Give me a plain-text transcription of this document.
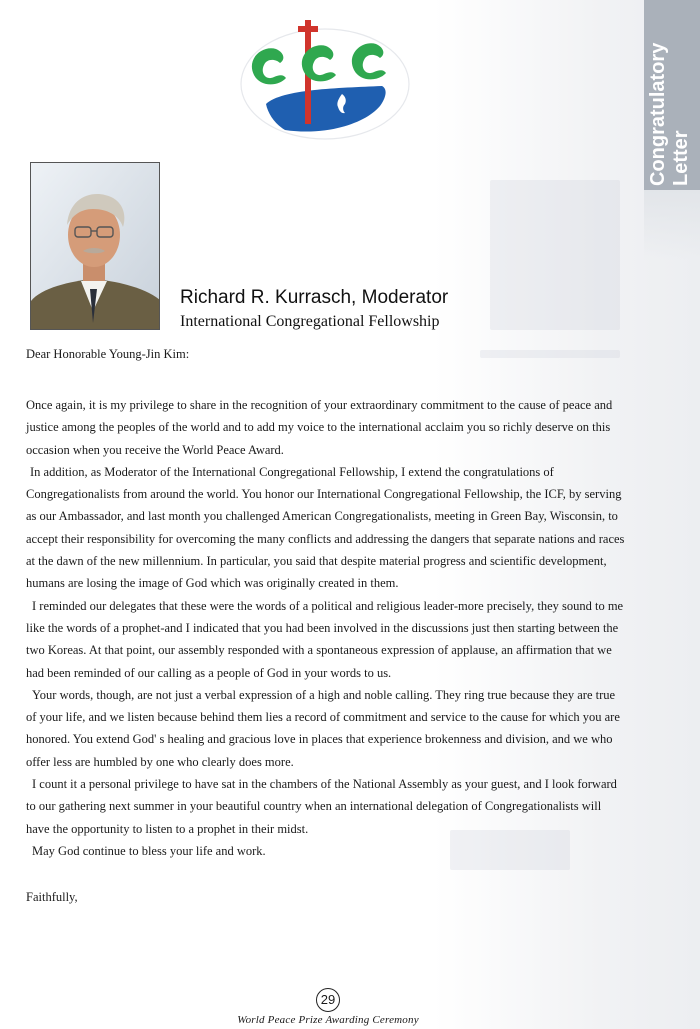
Congratulatory Letter
Richard R. Kurrasch, Moderator
International Congregational Fellowship
Dear Honorable Young-Jin Kim:

Once again, it is my privilege to share in the recognition of your extraordinary commitment to the cause of peace and justice among the peoples of the world and to add my voice to the international acclaim you so richly deserve on this occasion when you receive the World Peace Award.

In addition, as Moderator of the International Congregational Fellowship, I extend the congratulations of Congregationalists from around the world. You honor our International Congregational Fellowship, the ICF, by serving as our Ambassador, and last month you challenged American Congregationalists, meeting in Green Bay, Wisconsin, to accept their responsibility for overcoming the many conflicts and addressing the dangers that separate nations and races at the dawn of the new millennium. In particular, you said that despite material progress and scientific development, humans are losing the image of God which was originally created in them.

I reminded our delegates that these were the words of a political and religious leader-more precisely, they sound to me like the words of a prophet-and I indicated that you had been involved in the discussions just then starting between the two Koreas. At that point, our assembly responded with a spontaneous expression of applause, an affirmation that we had been reminded of our calling as a people of God in your words to us.

Your words, though, are not just a verbal expression of a high and noble calling. They ring true because they are true of your life, and we listen because behind them lies a record of commitment and service to the cause for which you are honored. You extend God' s healing and gracious love in places that experience brokenness and division, and we who offer less are humbled by one who clearly does more.

I count it a personal privilege to have sat in the chambers of the National Assembly as your guest, and I look forward to our gathering next summer in your beautiful country when an international delegation of Congregationalists will have the opportunity to listen to a prophet in their midst.

May God continue to bless your life and work.

Faithfully,
29
World Peace Prize Awarding Ceremony
